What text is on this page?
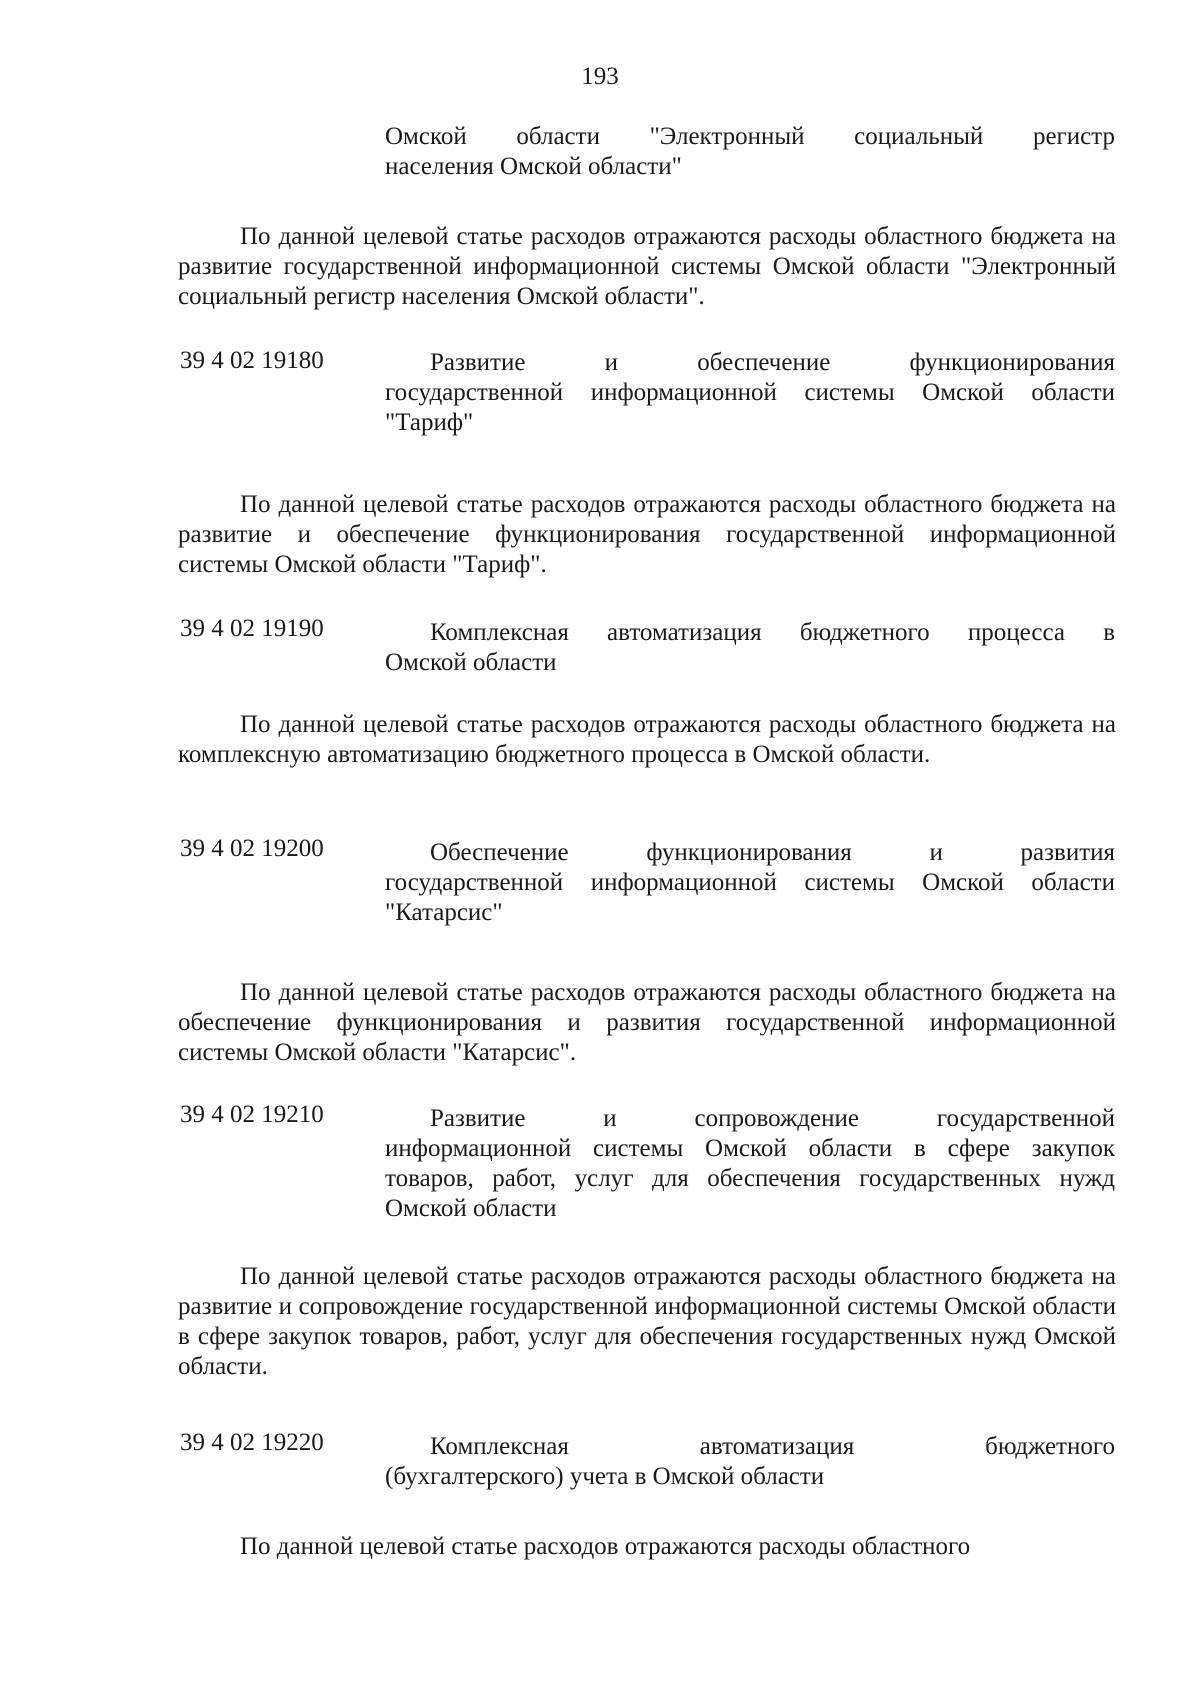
193
Омской области "Электронный социальный регистр
населения Омской области"
По данной целевой статье расходов отражаются расходы областного бюджета на развитие государственной информационной системы Омской области "Электронный социальный регистр населения Омской области".
39 4 02 19180	Развитие и обеспечение функционирования
государственной информационной системы Омской области "Тариф"
По данной целевой статье расходов отражаются расходы областного бюджета на развитие и обеспечение функционирования государственной информационной системы Омской области "Тариф".
39 4 02 19190	Комплексная автоматизация бюджетного процесса в
Омской области
По данной целевой статье расходов отражаются расходы областного бюджета на комплексную автоматизацию бюджетного процесса в Омской области.
39 4 02 19200	Обеспечение функционирования и развития
государственной информационной системы Омской области "Катарсис"
По данной целевой статье расходов отражаются расходы областного бюджета на обеспечение функционирования и развития государственной информационной системы Омской области "Катарсис".
39 4 02 19210	Развитие и сопровождение государственной
информационной системы Омской области в сфере закупок товаров, работ, услуг для обеспечения государственных нужд Омской области
По данной целевой статье расходов отражаются расходы областного бюджета на развитие и сопровождение государственной информационной системы Омской области в сфере закупок товаров, работ, услуг для обеспечения государственных нужд Омской области.
39 4 02 19220	Комплексная автоматизация бюджетного
(бухгалтерского) учета в Омской области
По данной целевой статье расходов отражаются расходы областного
